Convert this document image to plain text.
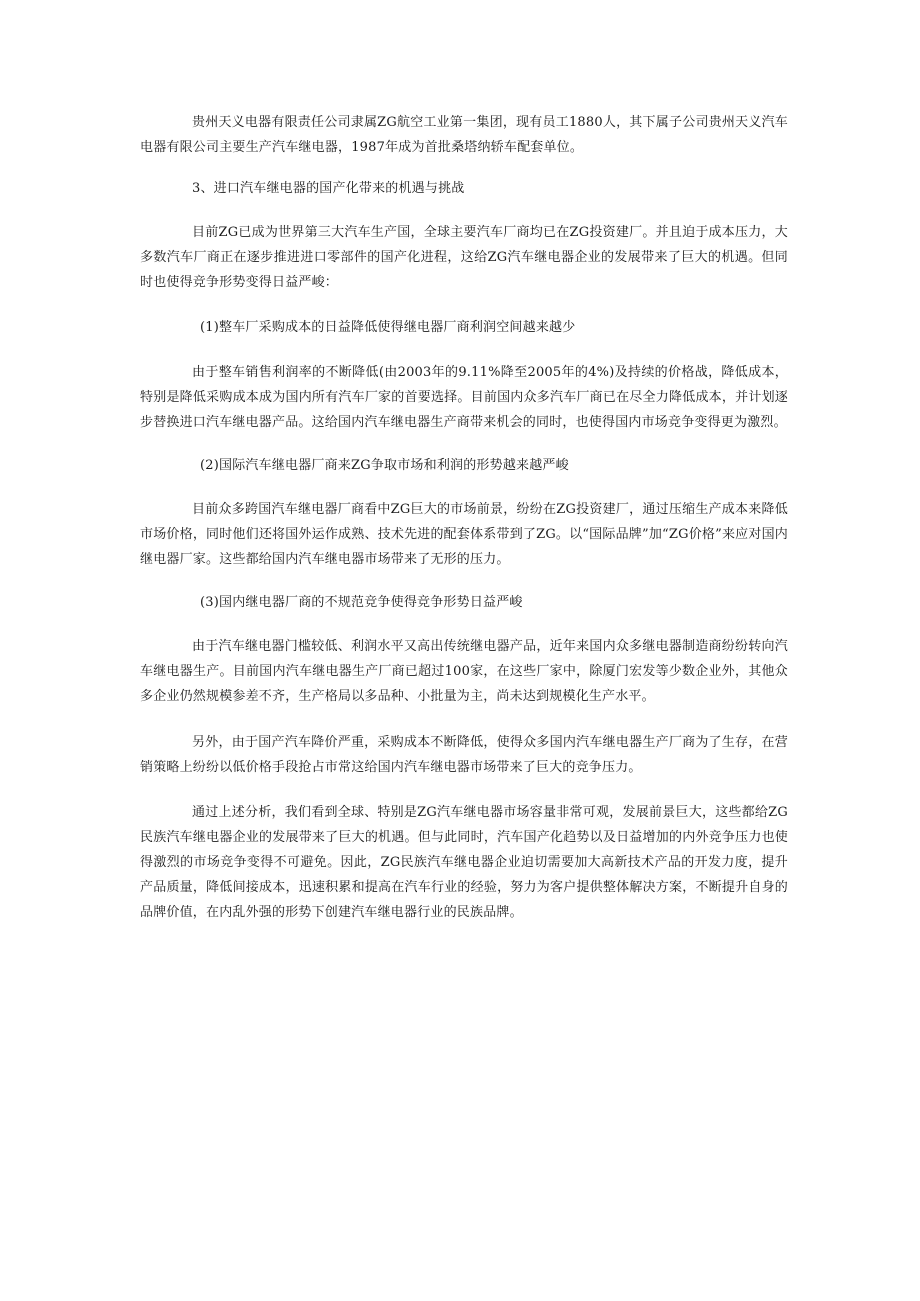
贵州天义电器有限责任公司隶属ZG航空工业第一集团，现有员工1880人，其下属子公司贵州天义汽车电器有限公司主要生产汽车继电器，1987年成为首批桑塔纳轿车配套单位。

3、进口汽车继电器的国产化带来的机遇与挑战

目前ZG已成为世界第三大汽车生产国，全球主要汽车厂商均已在ZG投资建厂。并且迫于成本压力，大多数汽车厂商正在逐步推进进口零部件的国产化进程，这给ZG汽车继电器企业的发展带来了巨大的机遇。但同时也使得竞争形势变得日益严峻：

(1)整车厂采购成本的日益降低使得继电器厂商利润空间越来越少

由于整车销售利润率的不断降低(由2003年的9.11%降至2005年的4%)及持续的价格战，降低成本，特别是降低采购成本成为国内所有汽车厂家的首要选择。目前国内众多汽车厂商已在尽全力降低成本，并计划逐步替换进口汽车继电器产品。这给国内汽车继电器生产商带来机会的同时，也使得国内市场竞争变得更为激烈。

(2)国际汽车继电器厂商来ZG争取市场和利润的形势越来越严峻

目前众多跨国汽车继电器厂商看中ZG巨大的市场前景，纷纷在ZG投资建厂，通过压缩生产成本来降低市场价格，同时他们还将国外运作成熟、技术先进的配套体系带到了ZG。以“国际品牌”加“ZG价格”来应对国内继电器厂家。这些都给国内汽车继电器市场带来了无形的压力。

(3)国内继电器厂商的不规范竞争使得竞争形势日益严峻

由于汽车继电器门槛较低、利润水平又高出传统继电器产品，近年来国内众多继电器制造商纷纷转向汽车继电器生产。目前国内汽车继电器生产厂商已超过100家，在这些厂家中，除厦门宏发等少数企业外，其他众多企业仍然规模参差不齐，生产格局以多品种、小批量为主，尚未达到规模化生产水平。

另外，由于国产汽车降价严重，采购成本不断降低，使得众多国内汽车继电器生产厂商为了生存，在营销策略上纷纷以低价格手段抢占市常这给国内汽车继电器市场带来了巨大的竞争压力。

通过上述分析，我们看到全球、特别是ZG汽车继电器市场容量非常可观，发展前景巨大，这些都给ZG民族汽车继电器企业的发展带来了巨大的机遇。但与此同时，汽车国产化趋势以及日益增加的内外竞争压力也使得激烈的市场竞争变得不可避免。因此，ZG民族汽车继电器企业迫切需要加大高新技术产品的开发力度，提升产品质量，降低间接成本，迅速积累和提高在汽车行业的经验，努力为客户提供整体解决方案，不断提升自身的品牌价值，在内乱外强的形势下创建汽车继电器行业的民族品牌。
